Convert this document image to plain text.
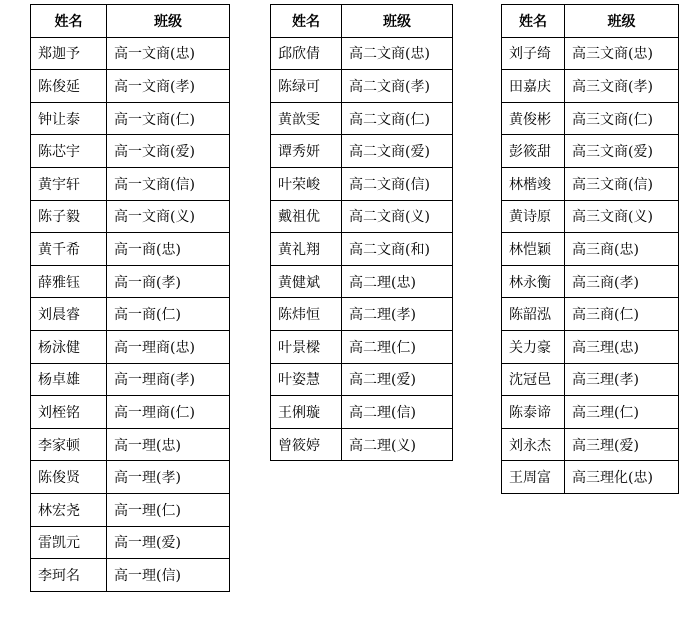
姓名	班级
郑迦予	高一文商(忠)
陈俊延	高一文商(孝)
钟让泰	高一文商(仁)
陈芯宇	高一文商(爱)
黄宇轩	高一文商(信)
陈子毅	高一文商(义)
黄千希	高一商(忠)
薛雅钰	高一商(孝)
刘晨睿	高一商(仁)
杨泳健	高一理商(忠)
杨卓雄	高一理商(孝)
刘桎铭	高一理商(仁)
李家顿	高一理(忠)
陈俊贤	高一理(孝)
林宏尧	高一理(仁)
雷凯元	高一理(爱)
李珂名	高一理(信)
姓名	班级
邱欣倩	高二文商(忠)
陈绿可	高二文商(孝)
黄歆雯	高二文商(仁)
谭秀妍	高二文商(爱)
叶荣峻	高二文商(信)
戴祖优	高二文商(义)
黄礼翔	高二文商(和)
黄健斌	高二理(忠)
陈炜恒	高二理(孝)
叶景樑	高二理(仁)
叶姿慧	高二理(爱)
王俐璇	高二理(信)
曾筱婷	高二理(义)
姓名	班级
刘子绮	高三文商(忠)
田嘉庆	高三文商(孝)
黄俊彬	高三文商(仁)
彭筱甜	高三文商(爱)
林楷竣	高三文商(信)
黄诗原	高三文商(义)
林恺颖	高三商(忠)
林永衡	高三商(孝)
陈韶泓	高三商(仁)
关力豪	高三理(忠)
沈冠邑	高三理(孝)
陈泰谛	高三理(仁)
刘永杰	高三理(爱)
王周富	高三理化(忠)
